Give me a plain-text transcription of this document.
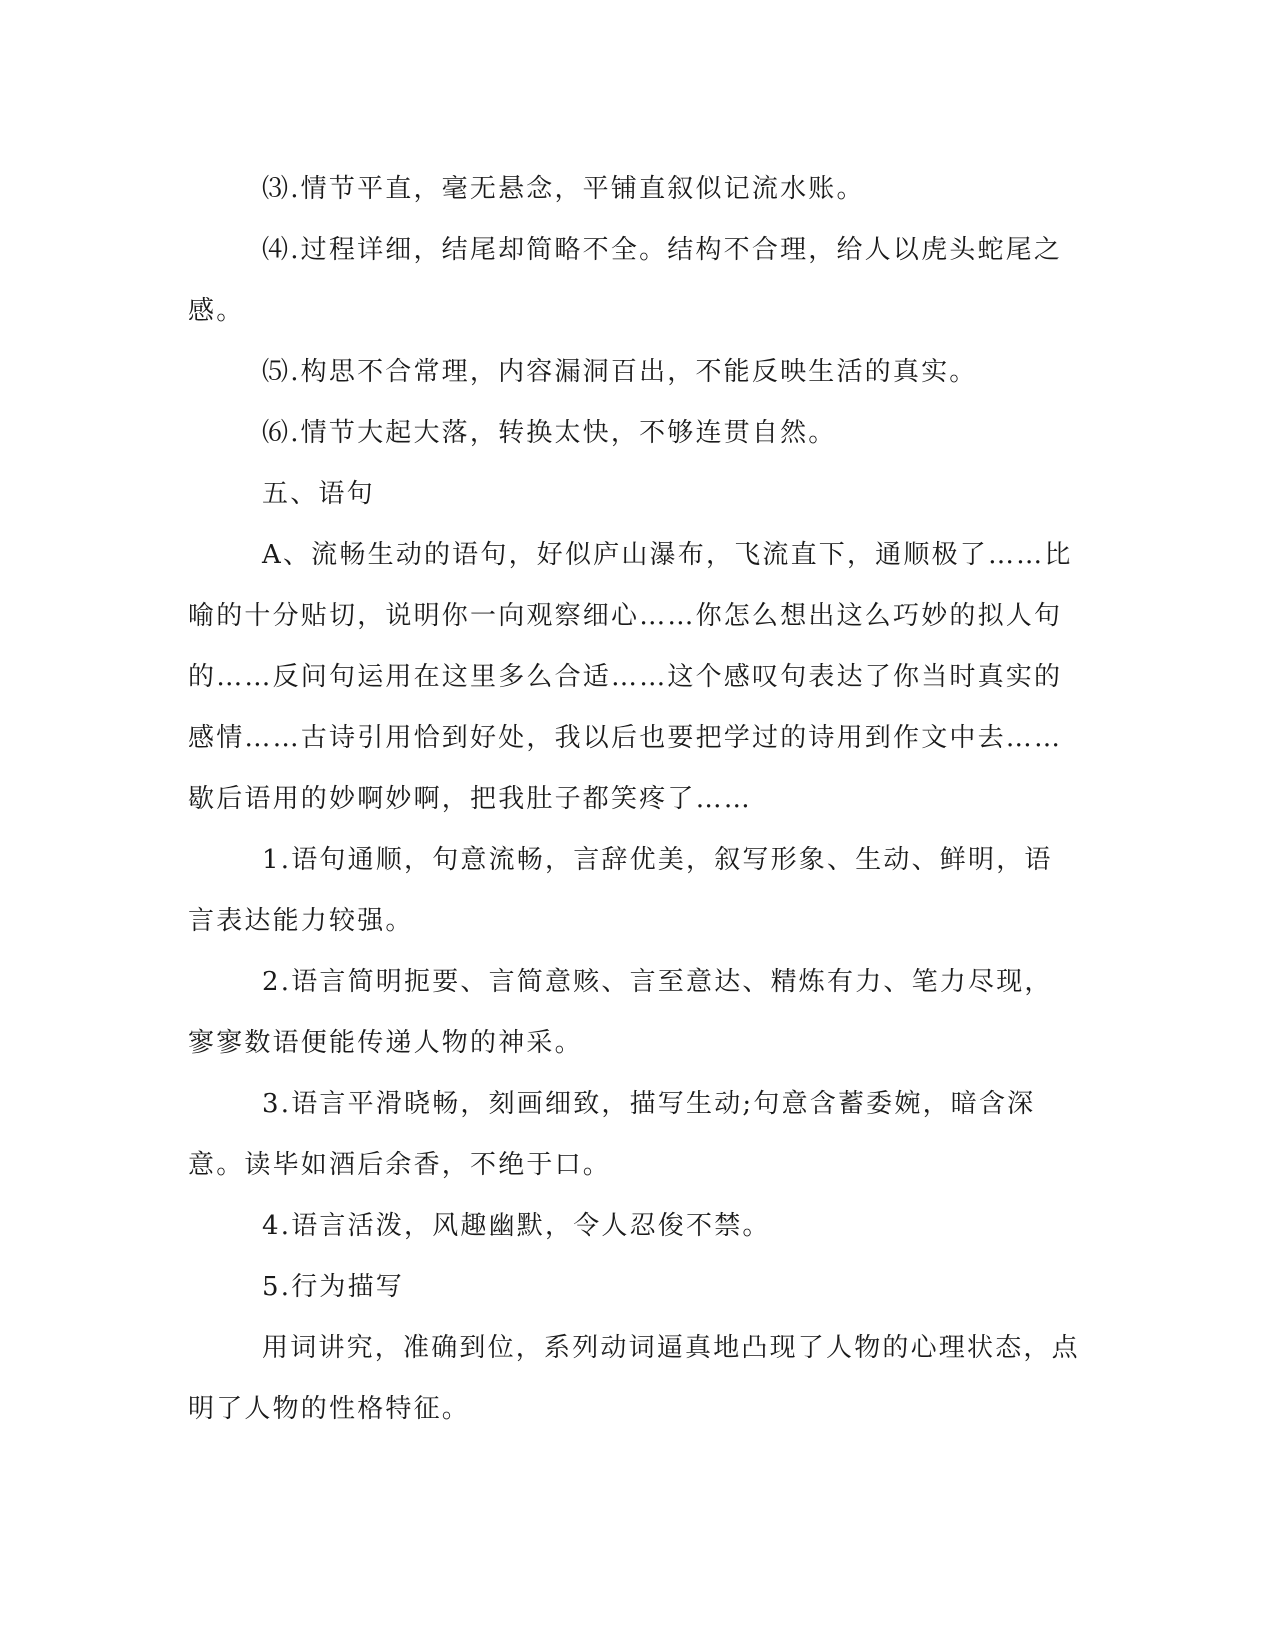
⑶.情节平直，毫无悬念，平铺直叙似记流水账。

⑷.过程详细，结尾却简略不全。结构不合理，给人以虎头蛇尾之感。

⑸.构思不合常理，内容漏洞百出，不能反映生活的真实。

⑹.情节大起大落，转换太快，不够连贯自然。

五、语句

A、流畅生动的语句，好似庐山瀑布，飞流直下，通顺极了……比喻的十分贴切，说明你一向观察细心……你怎么想出这么巧妙的拟人句的……反问句运用在这里多么合适……这个感叹句表达了你当时真实的感情……古诗引用恰到好处，我以后也要把学过的诗用到作文中去……歇后语用的妙啊妙啊，把我肚子都笑疼了……

1.语句通顺，句意流畅，言辞优美，叙写形象、生动、鲜明，语言表达能力较强。

2.语言简明扼要、言简意赅、言至意达、精炼有力、笔力尽现，寥寥数语便能传递人物的神采。

3.语言平滑晓畅，刻画细致，描写生动;句意含蓄委婉，暗含深意。读毕如酒后余香，不绝于口。

4.语言活泼，风趣幽默，令人忍俊不禁。

5.行为描写

用词讲究，准确到位，系列动词逼真地凸现了人物的心理状态，点明了人物的性格特征。
